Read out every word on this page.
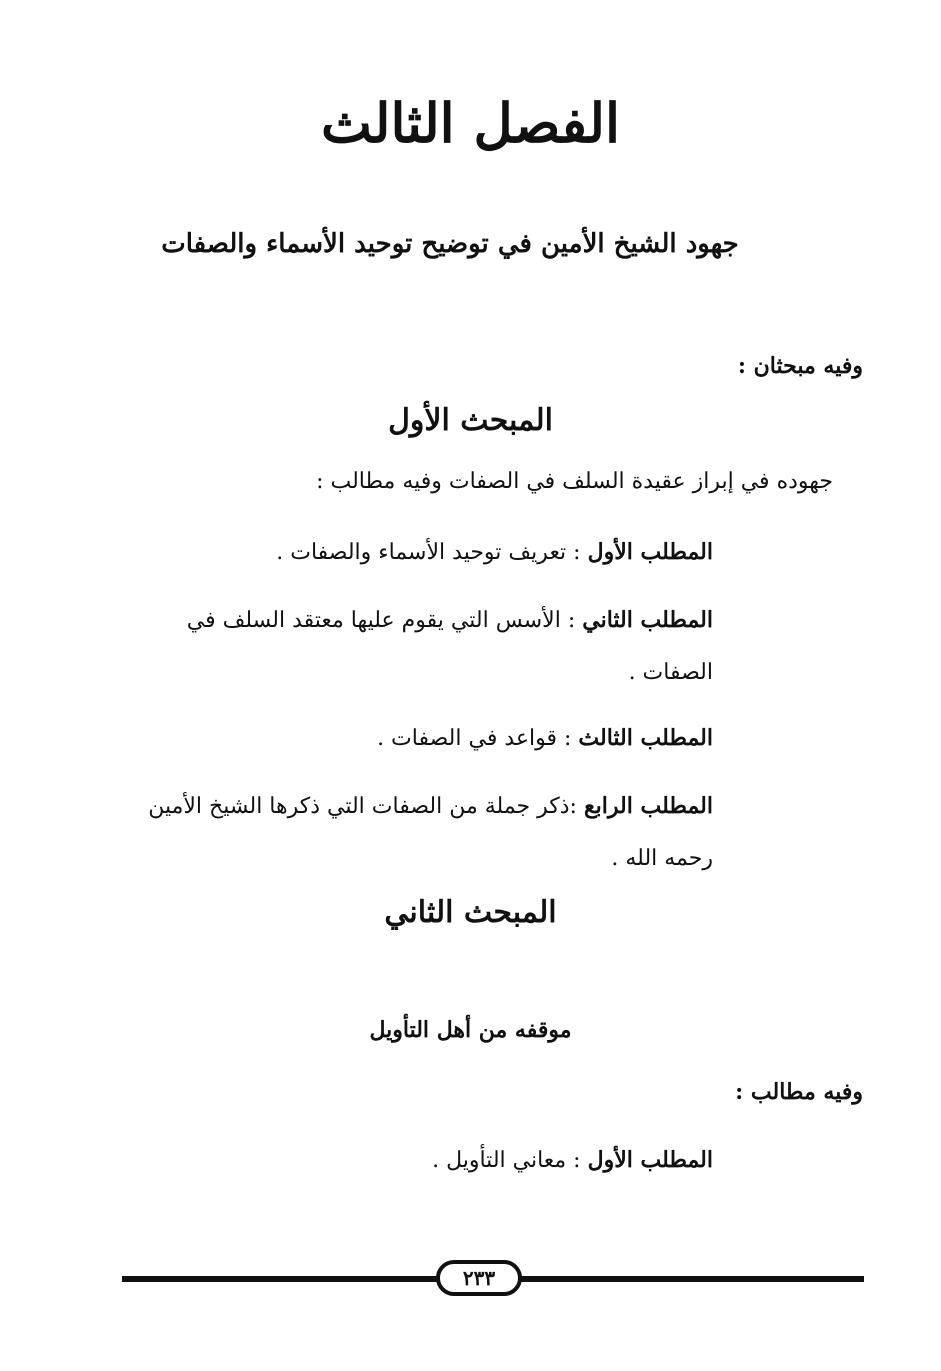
الفصل الثالث
جهود الشيخ الأمين في توضيح توحيد الأسماء والصفات
وفيه مبحثان :
المبحث الأول
جهوده في إبراز عقيدة السلف في الصفات وفيه مطالب :
المطلب الأول : تعريف توحيد الأسماء والصفات .
المطلب الثاني : الأسس التي يقوم عليها معتقد السلف في الصفات .
المطلب الثالث : قواعد في الصفات .
المطلب الرابع :ذكر جملة من الصفات التي ذكرها الشيخ الأمين رحمه الله .
المبحث الثاني
موقفه من أهل التأويل
وفيه مطالب :
المطلب الأول : معاني التأويل .
٢٣٣
